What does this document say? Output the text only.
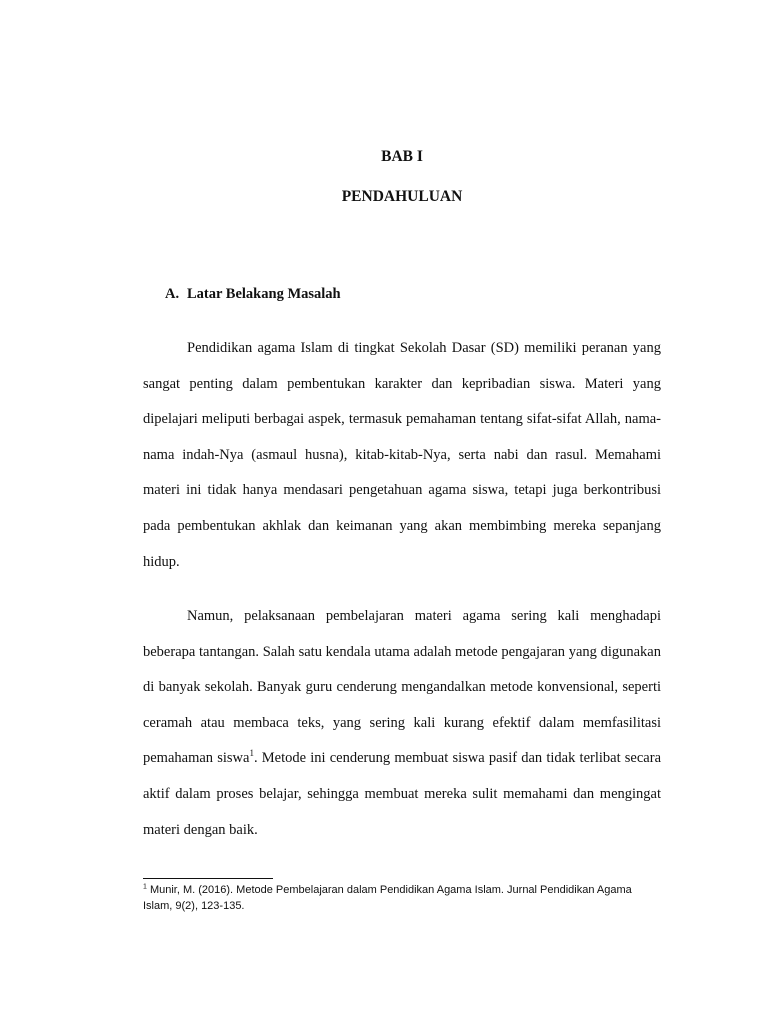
BAB I
PENDAHULUAN
A. Latar Belakang Masalah

Pendidikan agama Islam di tingkat Sekolah Dasar (SD) memiliki peranan yang sangat penting dalam pembentukan karakter dan kepribadian siswa. Materi yang dipelajari meliputi berbagai aspek, termasuk pemahaman tentang sifat-sifat Allah, nama-nama indah-Nya (asmaul husna), kitab-kitab-Nya, serta nabi dan rasul. Memahami materi ini tidak hanya mendasari pengetahuan agama siswa, tetapi juga berkontribusi pada pembentukan akhlak dan keimanan yang akan membimbing mereka sepanjang hidup.

Namun, pelaksanaan pembelajaran materi agama sering kali menghadapi beberapa tantangan. Salah satu kendala utama adalah metode pengajaran yang digunakan di banyak sekolah. Banyak guru cenderung mengandalkan metode konvensional, seperti ceramah atau membaca teks, yang sering kali kurang efektif dalam memfasilitasi pemahaman siswa$^1$. Metode ini cenderung membuat siswa pasif dan tidak terlibat secara aktif dalam proses belajar, sehingga membuat mereka sulit memahami dan mengingat materi dengan baik.

$^1$ Munir, M. (2016). Metode Pembelajaran dalam Pendidikan Agama Islam. Jurnal Pendidikan Agama Islam, 9(2), 123-135.
